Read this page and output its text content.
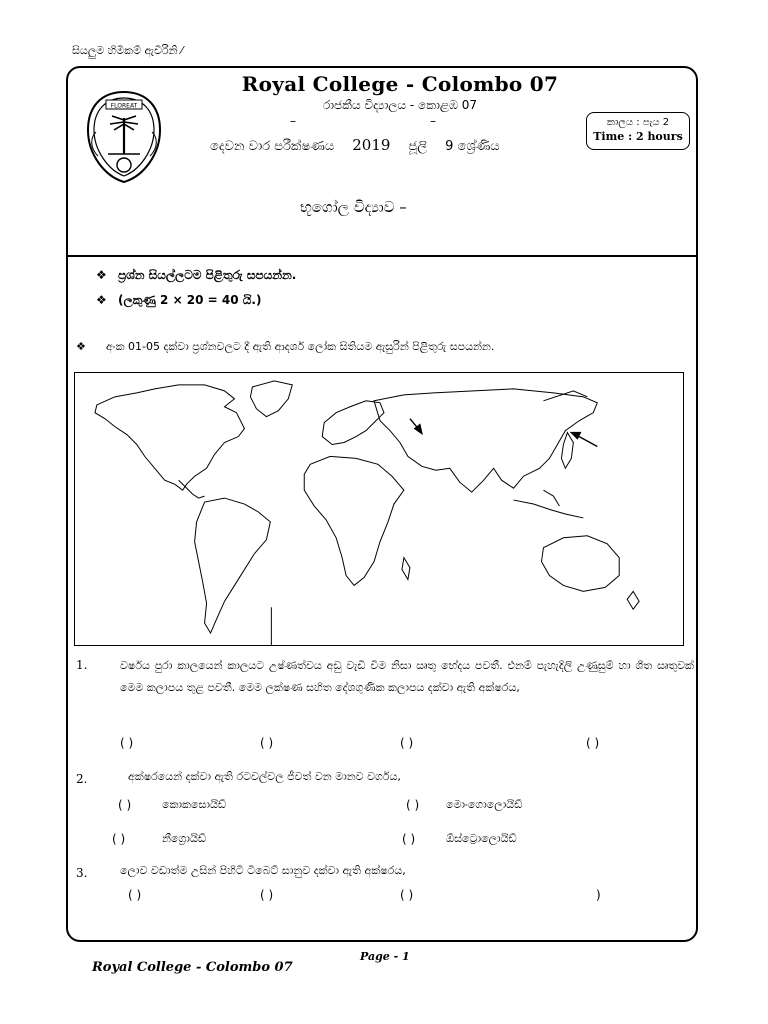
සියලුම හිමිකම් ඇවිරිනි ⁄
FLOREAT
Royal College - Colombo 07
රාජකීය විද්‍යාලය - කොළඹ 07
–	–
දෙවන වාර පරීක්ෂණය 2019 ජූලි 9 ශ්‍රේණිය
කාලය : පැය 2
Time : 2 hours
භූගෝල විද්‍යාව –
❖ ප්‍රශ්න සියල්ලටම පිළිතුරු සපයන්න.
❖ (ලකුණු 2 × 20 = 40 යි.)
❖ අංක 01-05 දක්වා ප්‍රශ්නවලට දී ඇති ආදර්ශ ලෝක සිතියම ඇසුරින් පිළිතුරු සපයන්න.
1.	වර්ෂය පුරා කාලයෙන් කාලයට උෂ්ණත්වය අඩු වැඩි වීම නිසා ඍතු භේදය පවතී. එනම් පැහැදිලි උණුසුම් හා ශීත ඍතුවක් මෙම කලාපය තුළ පවතී. මෙම ලක්ෂණ සහිත දේශගුණික කලාපය දක්වා ඇති අක්ෂරය,
( )	( )	( )	( )
2.	අක්ෂරයෙන් දක්වා ඇති රටවල්වල ජීවත් වන මානව වර්ගය,
( )	කොකසොයිඩ්	( ) මොංගොලොයිඩ්
( )	නීග්‍රොයිඩ්	( )	ඕස්ට්‍රොලොයිඩ්
3.	ලොව වඩාත්ම උසින් පිහිටි ටිබෙට් සානුව දක්වා ඇති අක්ෂරය,
( )	( )	( )	)
Page - 1
Royal College - Colombo 07
